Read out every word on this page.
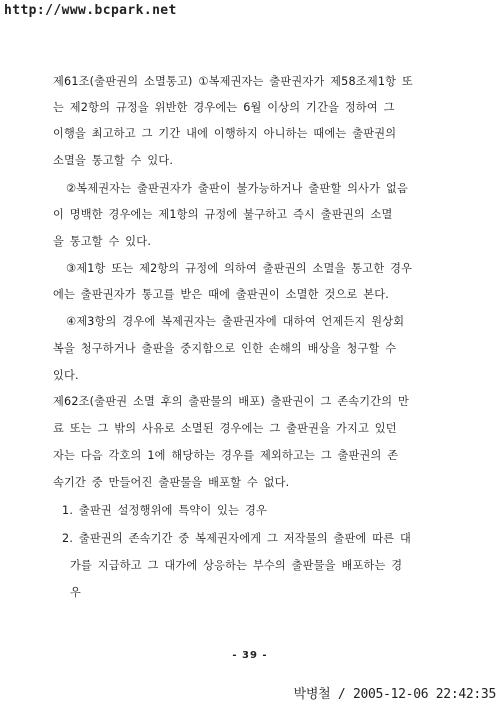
http://www.bcpark.net
제61조(출판권의 소멸통고) ①복제권자는 출판권자가 제58조제1항 또
는 제2항의 규정을 위반한 경우에는 6월 이상의 기간을 정하여 그
이행을 최고하고 그 기간 내에 이행하지 아니하는 때에는 출판권의
소멸을 통고할 수 있다.
②복제권자는 출판권자가 출판이 불가능하거나 출판할 의사가 없음
이 명백한 경우에는 제1항의 규정에 불구하고 즉시 출판권의 소멸
을 통고할 수 있다.
③제1항 또는 제2항의 규정에 의하여 출판권의 소멸을 통고한 경우
에는 출판권자가 통고를 받은 때에 출판권이 소멸한 것으로 본다.
④제3항의 경우에 복제권자는 출판권자에 대하여 언제든지 원상회
복을 청구하거나 출판을 중지함으로 인한 손해의 배상을 청구할 수
있다.
제62조(출판권 소멸 후의 출판물의 배포) 출판권이 그 존속기간의 만
료 또는 그 밖의 사유로 소멸된 경우에는 그 출판권을 가지고 있던
자는 다음 각호의 1에 해당하는 경우를 제외하고는 그 출판권의 존
속기간 중 만들어진 출판물을 배포할 수 없다.
1. 출판권 설정행위에 특약이 있는 경우
2. 출판권의 존속기간 중 복제권자에게 그 저작물의 출판에 따른 대
가를 지급하고 그 대가에 상응하는 부수의 출판물을 배포하는 경
우
- 39 -
박병철 / 2005-12-06 22:42:35
